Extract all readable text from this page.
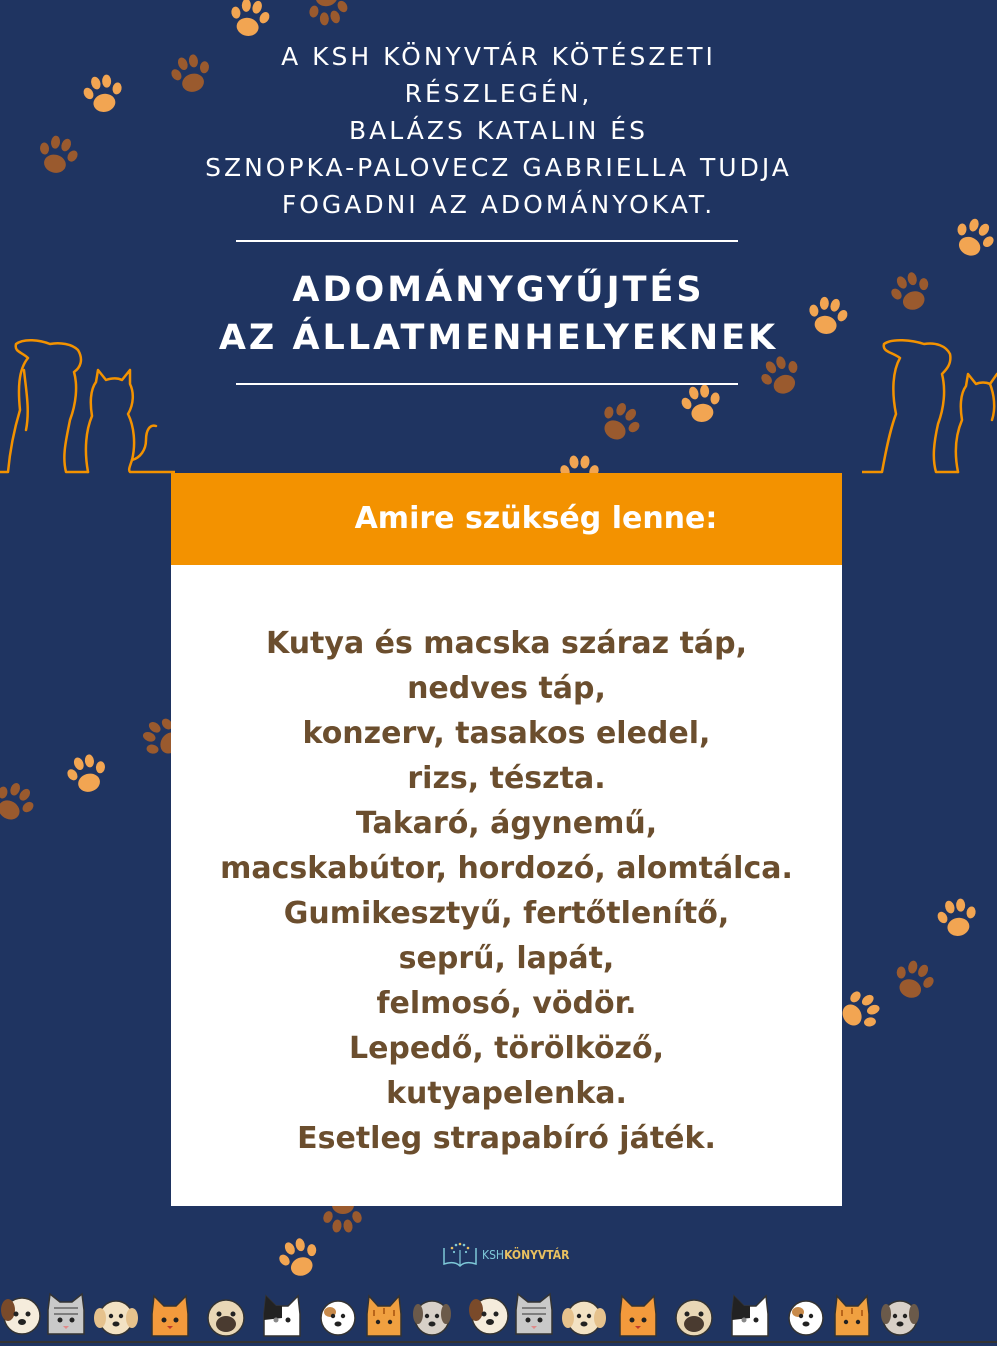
A KSH KÖNYVTÁR KÖTÉSZETI
RÉSZLEGÉN,
BALÁZS KATALIN ÉS
SZNOPKA-PALOVECZ GABRIELLA TUDJA
FOGADNI AZ ADOMÁNYOKAT.
ADOMÁNYGYŰJTÉS
AZ ÁLLATMENHELYEKNEK
Amire szükség lenne:
Kutya és macska száraz táp,
nedves táp,
konzerv, tasakos eledel,
rizs, tészta.
Takaró, ágynemű,
macskabútor, hordozó, alomtálca.
Gumikesztyű, fertőtlenítő,
seprű, lapát,
felmosó, vödör.
Lepedő, törölköző,
kutyapelenka.
Esetleg strapabíró játék.
KSHKÖNYVTÁR
